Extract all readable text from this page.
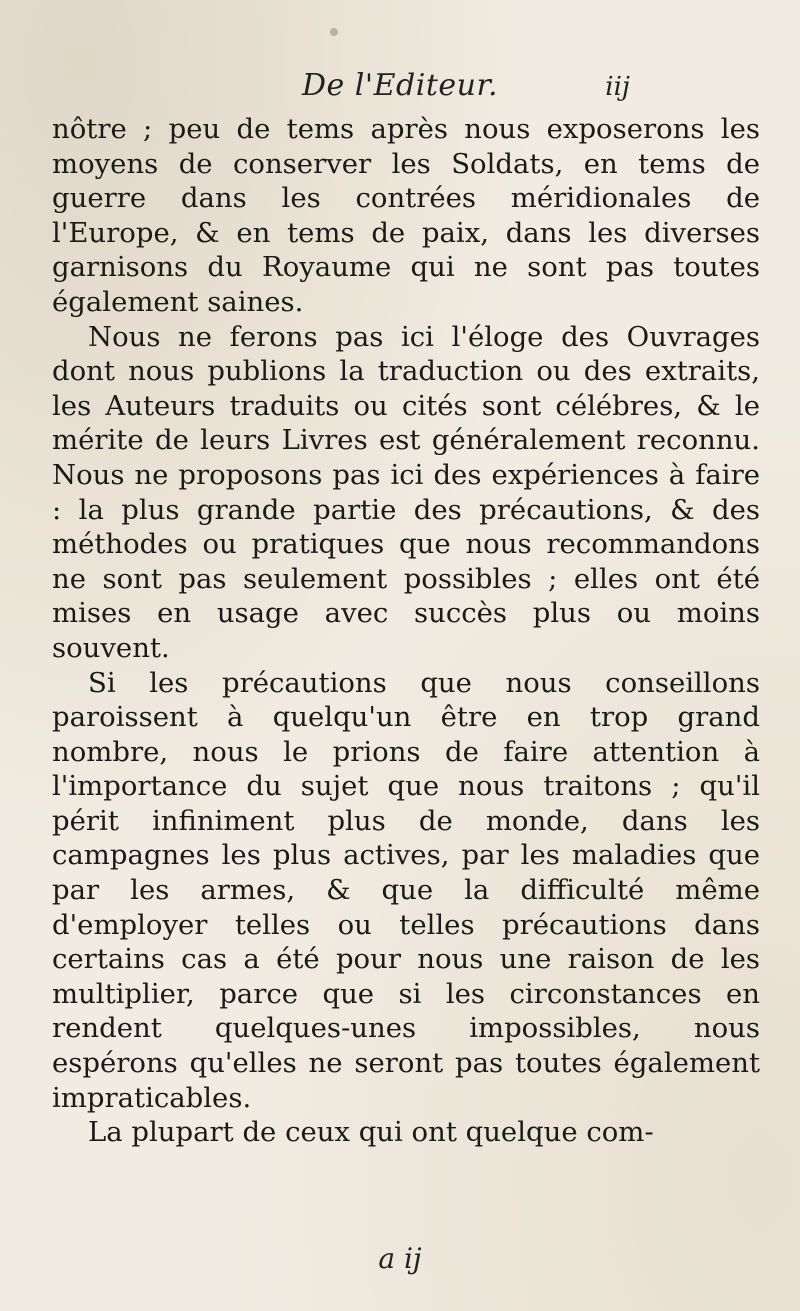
De l'Editeur.	iij

nôtre ; peu de tems après nous exposerons les moyens de conserver les Soldats, en tems de guerre dans les contrées méridionales de l'Europe, & en tems de paix, dans les diverses garnisons du Royaume qui ne sont pas toutes également saines.

Nous ne ferons pas ici l'éloge des Ouvrages dont nous publions la traduction ou des extraits, les Auteurs traduits ou cités sont célébres, & le mérite de leurs Livres est généralement reconnu. Nous ne proposons pas ici des expériences à faire : la plus grande partie des précautions, & des méthodes ou pratiques que nous recommandons ne sont pas seulement possibles ; elles ont été mises en usage avec succès plus ou moins souvent.

Si les précautions que nous conseillons paroissent à quelqu'un être en trop grand nombre, nous le prions de faire attention à l'importance du sujet que nous traitons ; qu'il périt infiniment plus de monde, dans les campagnes les plus actives, par les maladies que par les armes, & que la difficulté même d'employer telles ou telles précautions dans certains cas a été pour nous une raison de les multiplier, parce que si les circonstances en rendent quelques-unes impossibles, nous espérons qu'elles ne seront pas toutes également impraticables.

La plupart de ceux qui ont quelque com-

a ij
